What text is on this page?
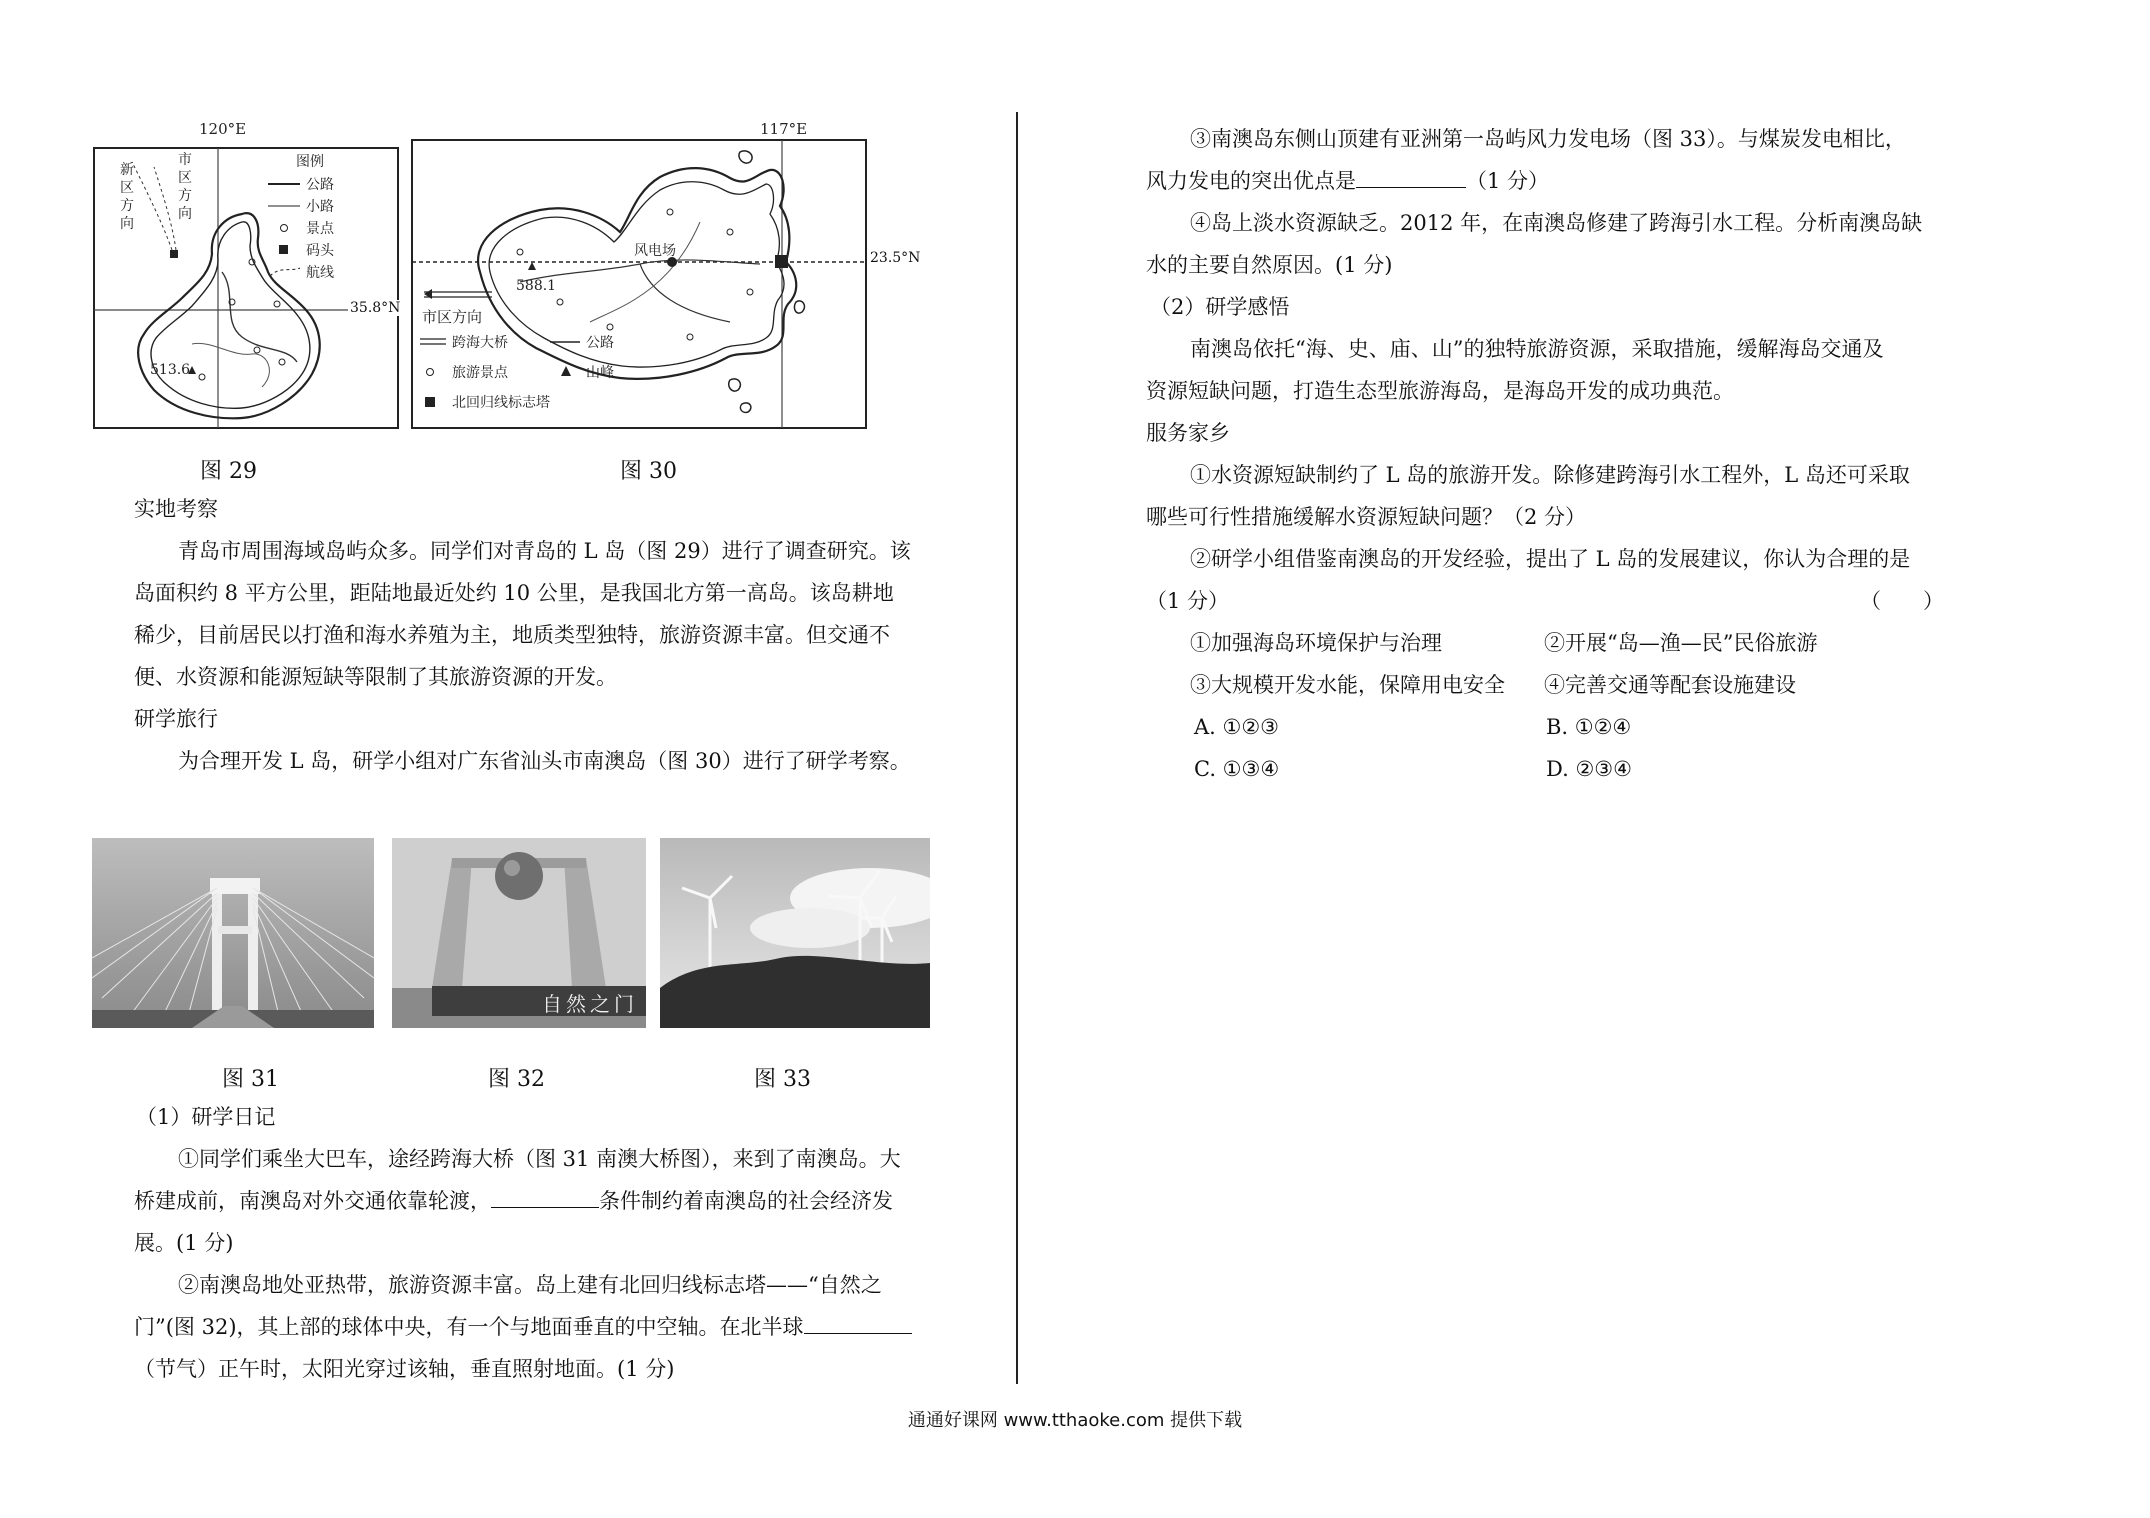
120°E
513.6
新
区
方
向
市
区
方
向
图例
公路
小路
景点
码头
航线
35.8°N
117°E
588.1
风电场
市区方向
跨海大桥	公路
旅游景点	山峰
北回归线标志塔
23.5°N
图 29	图 30
实地考察
青岛市周围海域岛屿众多。同学们对青岛的 L 岛（图 29）进行了调查研究。该
岛面积约 8 平方公里，距陆地最近处约 10 公里，是我国北方第一高岛。该岛耕地
稀少，目前居民以打渔和海水养殖为主，地质类型独特，旅游资源丰富。但交通不
便、水资源和能源短缺等限制了其旅游资源的开发。
研学旅行
为合理开发 L 岛，研学小组对广东省汕头市南澳岛（图 30）进行了研学考察。
自然之门
图 31	图 32	图 33
（1）研学日记
①同学们乘坐大巴车，途经跨海大桥（图 31 南澳大桥图），来到了南澳岛。大
桥建成前，南澳岛对外交通依靠轮渡，	条件制约着南澳岛的社会经济发
展。(1 分)
②南澳岛地处亚热带，旅游资源丰富。岛上建有北回归线标志塔——“自然之
门”(图 32)，其上部的球体中央，有一个与地面垂直的中空轴。在北半球
（节气）正午时，太阳光穿过该轴，垂直照射地面。(1 分)
③南澳岛东侧山顶建有亚洲第一岛屿风力发电场（图 33）。与煤炭发电相比，
风力发电的突出优点是	（1 分）
④岛上淡水资源缺乏。2012 年，在南澳岛修建了跨海引水工程。分析南澳岛缺
水的主要自然原因。(1 分)
（2）研学感悟
南澳岛依托“海、史、庙、山”的独特旅游资源，采取措施，缓解海岛交通及
资源短缺问题，打造生态型旅游海岛，是海岛开发的成功典范。
服务家乡
①水资源短缺制约了 L 岛的旅游开发。除修建跨海引水工程外，L 岛还可采取
哪些可行性措施缓解水资源短缺问题？（2 分）
②研学小组借鉴南澳岛的开发经验，提出了 L 岛的发展建议，你认为合理的是
（1 分）	（　　）
①加强海岛环境保护与治理	②开展“岛—渔—民”民俗旅游
③大规模开发水能，保障用电安全 ④完善交通等配套设施建设
A. ①②③	B. ①②④
C. ①③④	D. ②③④
通通好课网 www.tthaoke.com 提供下载
